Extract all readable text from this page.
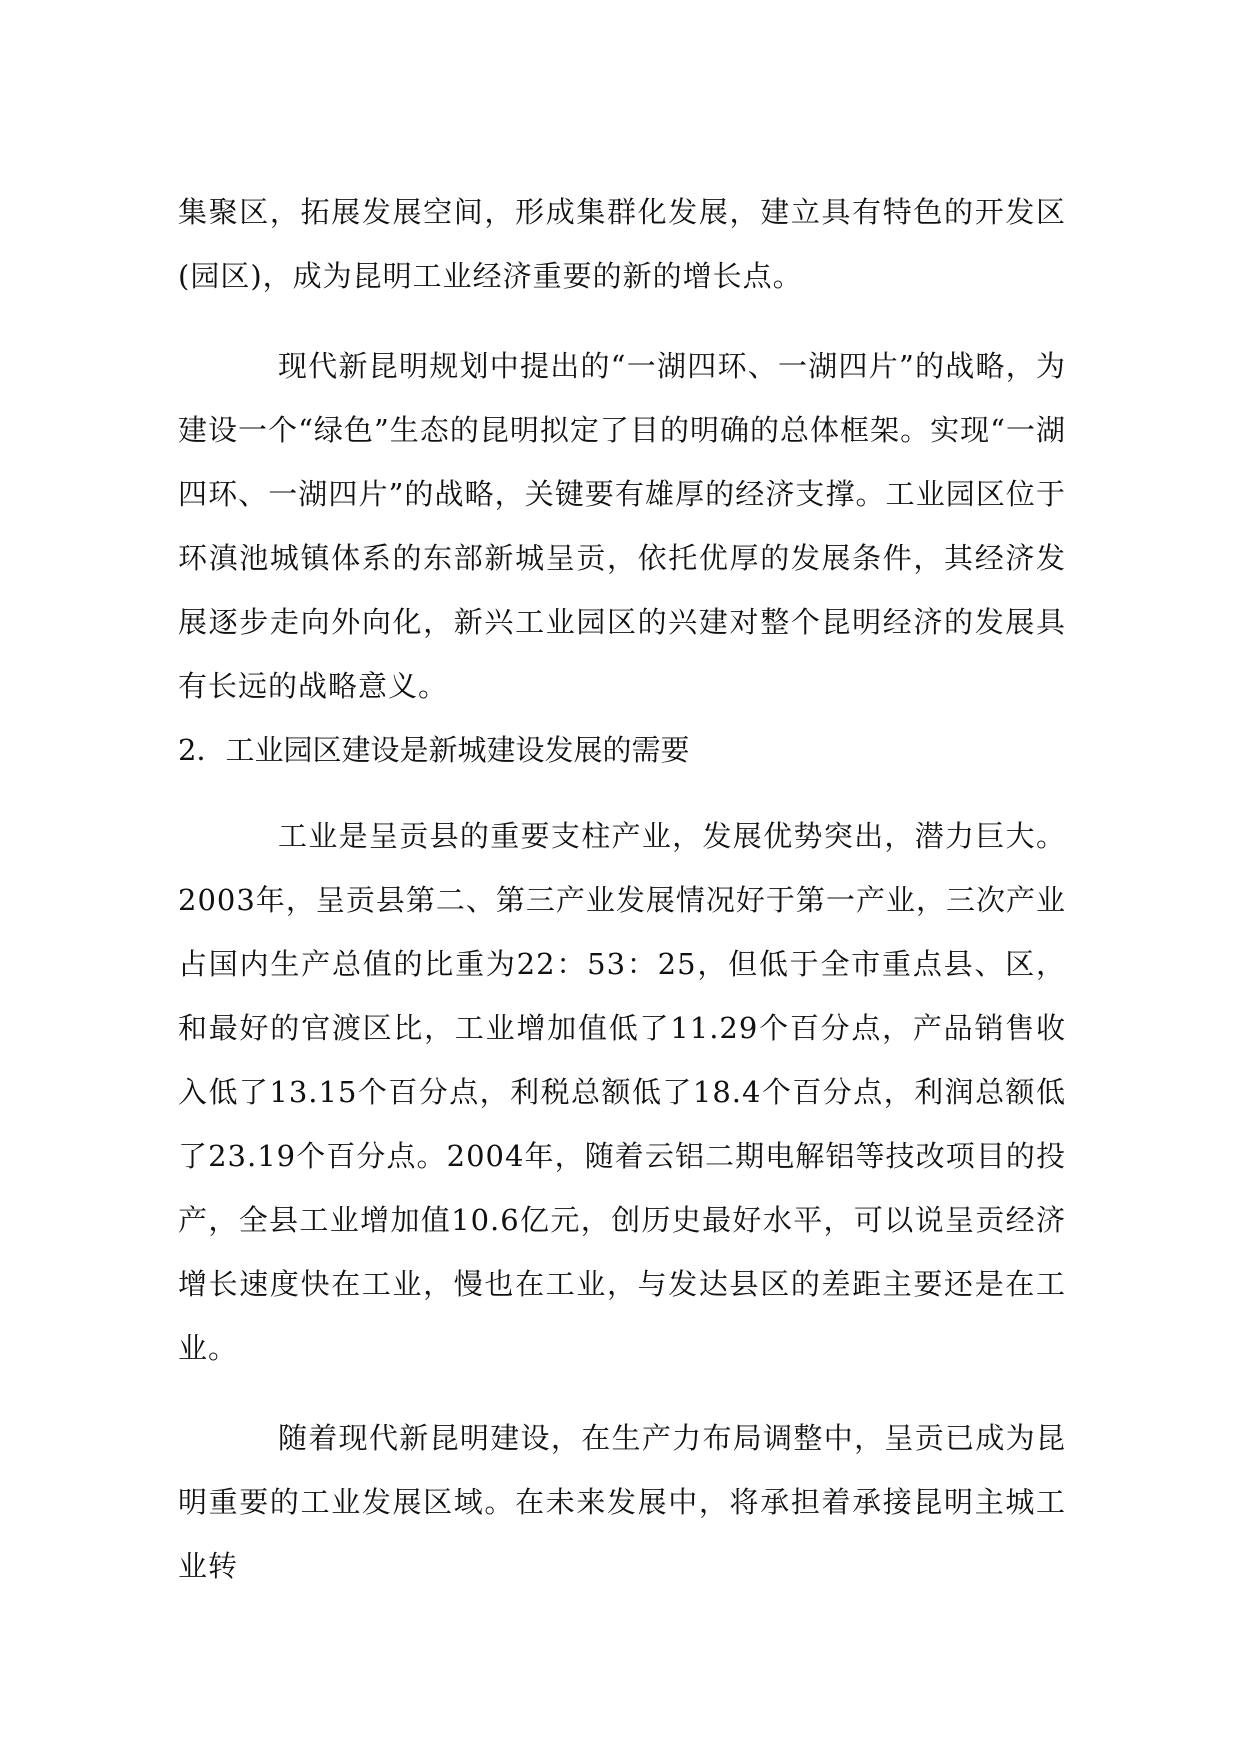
集聚区，拓展发展空间，形成集群化发展，建立具有特色的开发区(园区)，成为昆明工业经济重要的新的增长点。

现代新昆明规划中提出的“一湖四环、一湖四片”的战略，为建设一个“绿色”生态的昆明拟定了目的明确的总体框架。实现“一湖四环、一湖四片”的战略，关键要有雄厚的经济支撑。工业园区位于环滇池城镇体系的东部新城呈贡，依托优厚的发展条件，其经济发展逐步走向外向化，新兴工业园区的兴建对整个昆明经济的发展具有长远的战略意义。

2．工业园区建设是新城建设发展的需要

工业是呈贡县的重要支柱产业，发展优势突出，潜力巨大。2003年，呈贡县第二、第三产业发展情况好于第一产业，三次产业占国内生产总值的比重为22：53：25，但低于全市重点县、区，和最好的官渡区比，工业增加值低了11.29个百分点，产品销售收入低了13.15个百分点，利税总额低了18.4个百分点，利润总额低了23.19个百分点。2004年，随着云铝二期电解铝等技改项目的投产，全县工业增加值10.6亿元，创历史最好水平，可以说呈贡经济增长速度快在工业，慢也在工业，与发达县区的差距主要还是在工业。

随着现代新昆明建设，在生产力布局调整中，呈贡已成为昆明重要的工业发展区域。在未来发展中，将承担着承接昆明主城工业转
